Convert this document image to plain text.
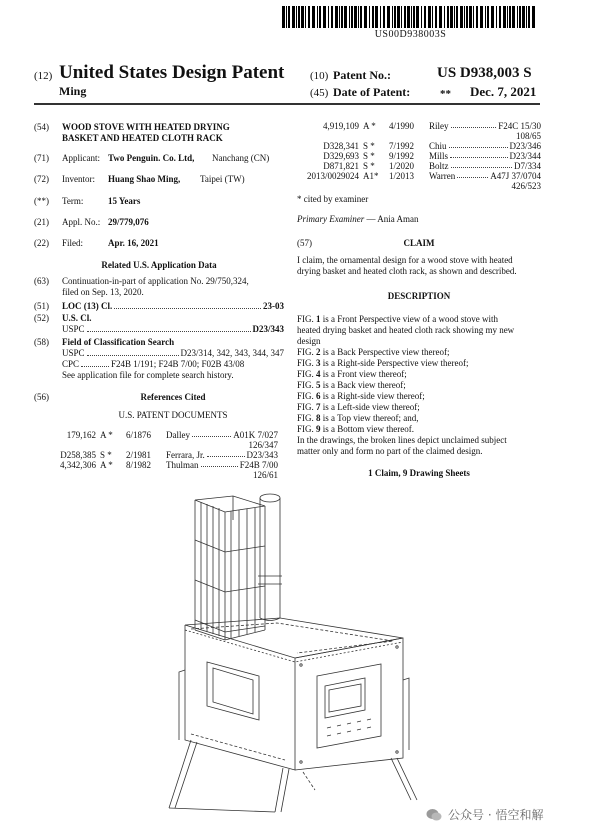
US00D938003S
(12) United States Design Patent
Ming
(10) Patent No.:	US D938,003 S
(45) Date of Patent:	** Dec. 7, 2021
(54)	WOOD STOVE WITH HEATED DRYING
BASKET AND HEATED CLOTH RACK
(71) Applicant: Two Penguin. Co. Ltd, Nanchang (CN)
(72) Inventor: Huang Shao Ming, Taipei (TW)
(**) Term:	15 Years
(21) Appl. No.: 29/779,076
(22) Filed:	Apr. 16, 2021
Related U.S. Application Data
(63) Continuation-in-part of application No. 29/750,324,
filed on Sep. 13, 2020.
(51) LOC (13) Cl.	23-03
(52) U.S. Cl.
USPC	D23/343
(58) Field of Classification Search
USPC	D23/314, 342, 343, 344, 347
CPC	F24B 1/191; F24B 7/00; F02B 43/08
See application file for complete search history.
(56)	References Cited
U.S. PATENT DOCUMENTS
179,162 A *	6/1876	Dalley	A01K 7/027
126/347
D258,385 S *	2/1981	Ferrara, Jr.	D23/343
4,342,306 A *	8/1982	Thulman	F24B 7/00
126/61
4,919,109 A *	4/1990	Riley	F24C 15/30
108/65
D328,341 S *	7/1992	Chiu	D23/346
D329,693 S *	9/1992	Mills	D23/344
D871,821 S *	1/2020	Boltz	D7/334
2013/0029024 A1*	1/2013	Warren	A47J 37/0704
426/523
* cited by examiner
Primary Examiner — Ania Aman
(57)	CLAIM
I claim, the ornamental design for a wood stove with heated
drying basket and heated cloth rack, as shown and described.
DESCRIPTION
FIG. 1 is a Front Perspective view of a wood stove with
heated drying basket and heated cloth rack showing my new
design
FIG. 2 is a Back Perspective view thereof;
FIG. 3 is a Right-side Perspective view thereof;
FIG. 4 is a Front view thereof;
FIG. 5 is a Back view thereof;
FIG. 6 is a Right-side view thereof;
FIG. 7 is a Left-side view thereof;
FIG. 8 is a Top view thereof; and,
FIG. 9 is a Bottom view thereof.
In the drawings, the broken lines depict unclaimed subject
matter only and form no part of the claimed design.
1 Claim, 9 Drawing Sheets
公众号 · 悟空和解
